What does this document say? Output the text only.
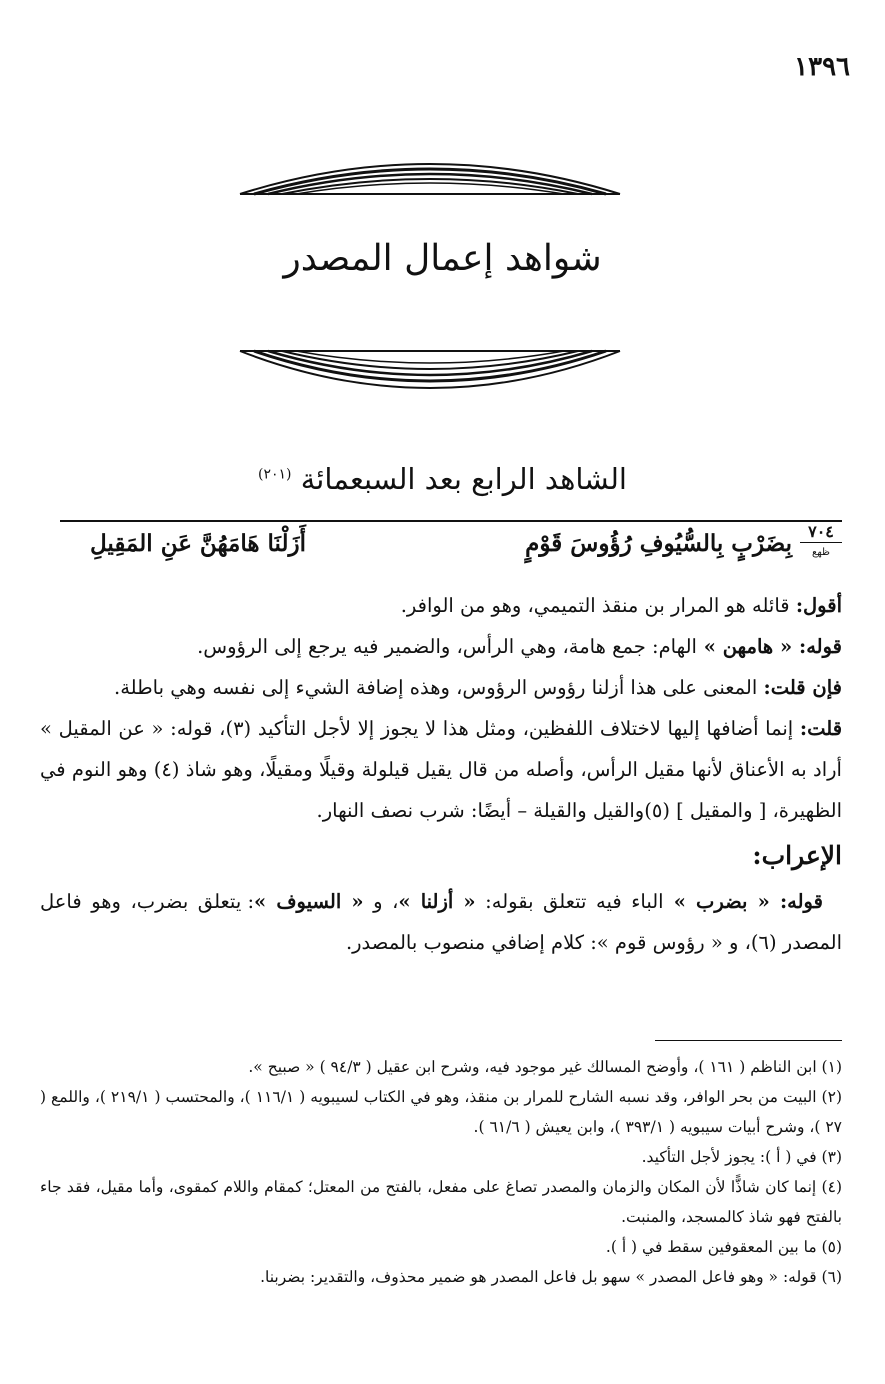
١٣٩٦
شواهد إعمال المصدر
الشاهد الرابع بعد السبعمائة $^{(٢٠١)}$
٧٠٤
ظهع
بِضَرْبٍ بِالسُّيُوفِ رُؤُوسَ قَوْمٍ
أَزَلْنَا هَامَهُنَّ عَنِ المَقِيلِ

أقول: قائله هو المرار بن منقذ التميمي، وهو من الوافر.

قوله: « هامهن » الهام: جمع هامة، وهي الرأس، والضمير فيه يرجع إلى الرؤوس.

فإن قلت: المعنى على هذا أزلنا رؤوس الرؤوس، وهذه إضافة الشيء إلى نفسه وهي باطلة.

قلت: إنما أضافها إليها لاختلاف اللفظين، ومثل هذا لا يجوز إلا لأجل التأكيد (٣)، قوله: « عن المقيل » أراد به الأعناق لأنها مقيل الرأس، وأصله من قال يقيل قيلولة وقيلًا ومقيلًا، وهو شاذ (٤) وهو النوم في الظهيرة، [ والمقيل ] (٥)والقيل والقيلة – أيضًا: شرب نصف النهار.

الإعراب:

قوله: « بضرب » الباء فيه تتعلق بقوله: « أزلنا »، و « السيوف »: يتعلق بضرب، وهو فاعل المصدر (٦)، و « رؤوس قوم »: كلام إضافي منصوب بالمصدر.

(١) ابن الناظم ( ١٦١ )، وأوضح المسالك غير موجود فيه، وشرح ابن عقيل ( ٩٤/٣ ) « صبيح ».

(٢) البيت من بحر الوافر، وقد نسبه الشارح للمرار بن منقذ، وهو في الكتاب لسيبويه ( ١١٦/١ )، والمحتسب ( ٢١٩/١ )، واللمع ( ٢٧ )، وشرح أبيات سيبويه ( ٣٩٣/١ )، وابن يعيش ( ٦١/٦ ).

(٣) في ( أ ): يجوز لأجل التأكيد.

(٤) إنما كان شاذًّا لأن المكان والزمان والمصدر تصاغ على مفعل، بالفتح من المعتل؛ كمقام واللام كمقوى، وأما مقيل، فقد جاء بالفتح فهو شاذ كالمسجد، والمنبت.

(٥) ما بين المعقوفين سقط في ( أ ).

(٦) قوله: « وهو فاعل المصدر » سهو بل فاعل المصدر هو ضمير محذوف، والتقدير: بضربنا.
